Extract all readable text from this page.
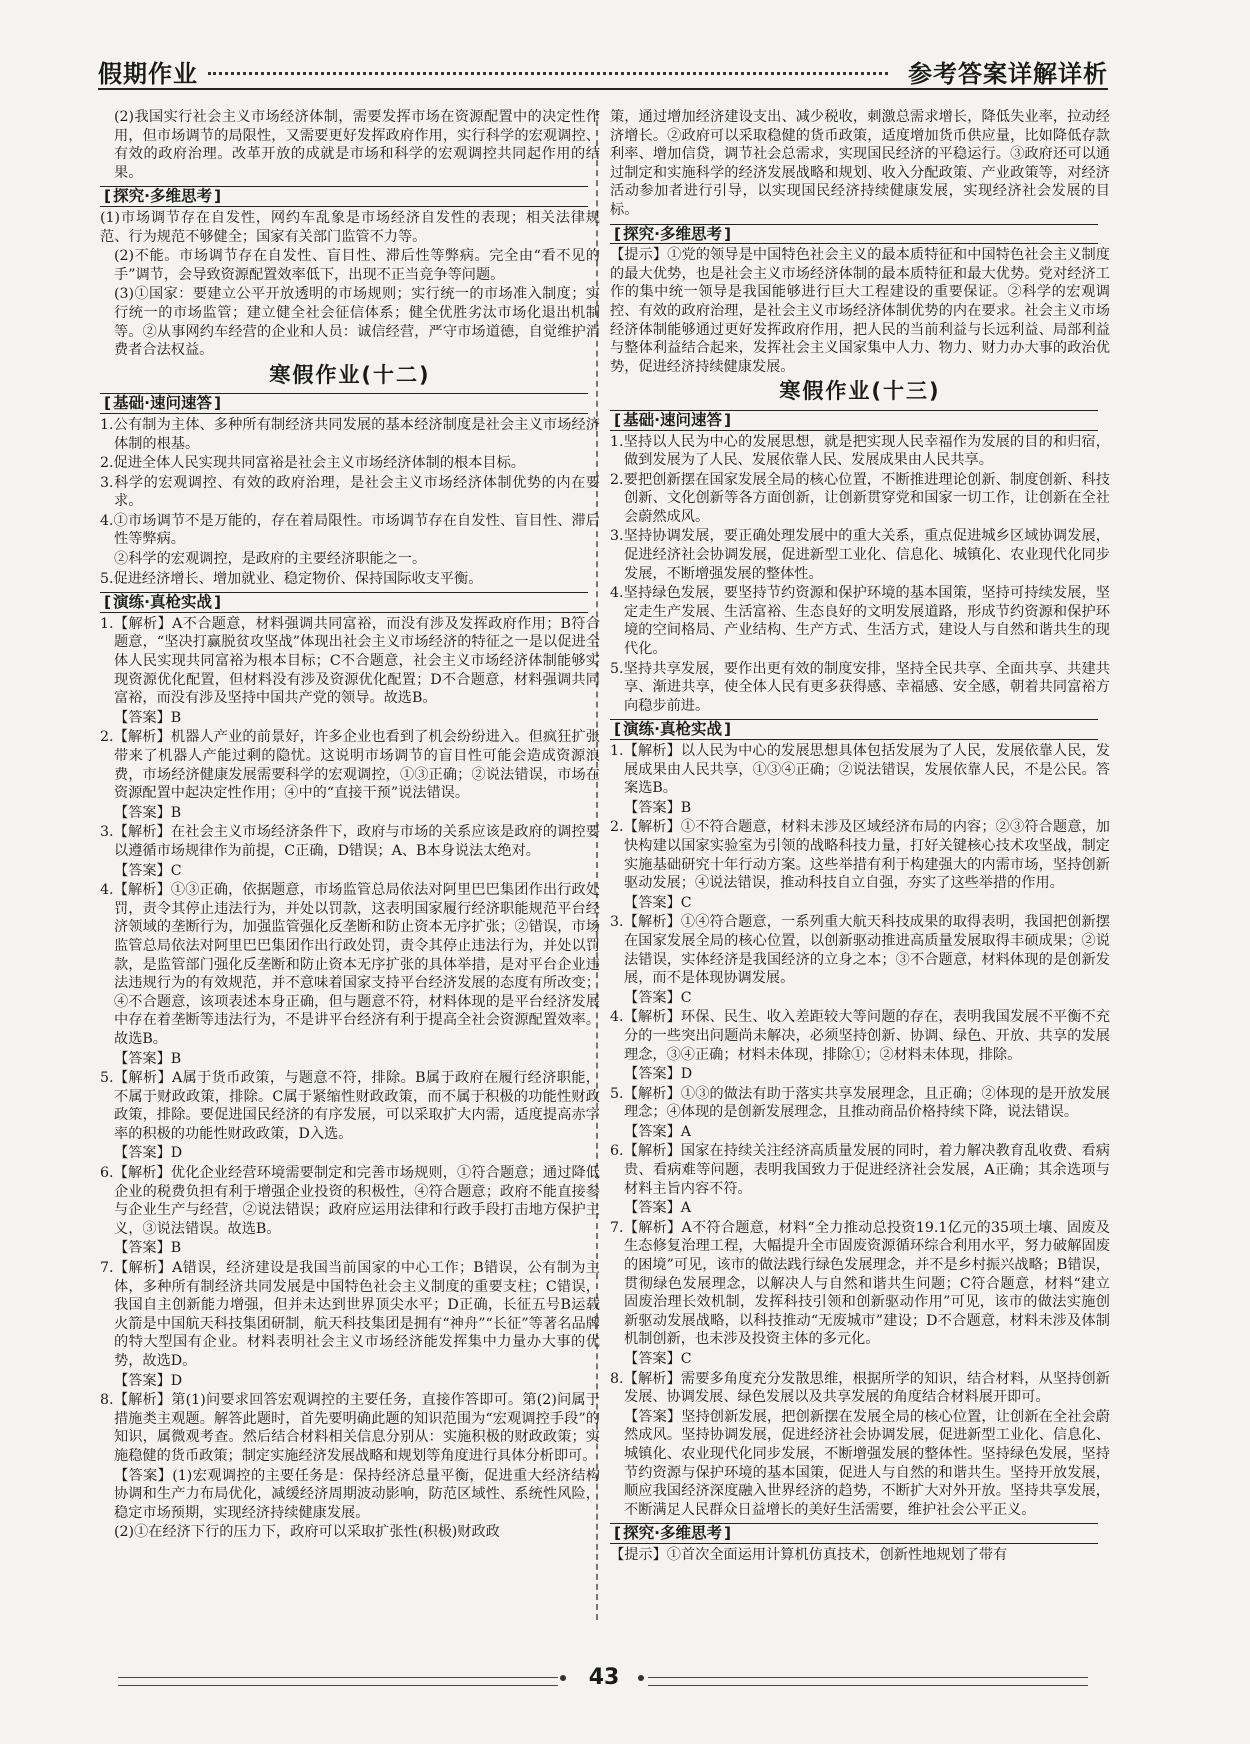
假期作业	参考答案详解详析

(2)我国实行社会主义市场经济体制，需要发挥市场在资源配置中的决定性作用，但市场调节的局限性，又需要更好发挥政府作用，实行科学的宏观调控、有效的政府治理。改革开放的成就是市场和科学的宏观调控共同起作用的结果。

[ 探究·多维思考 ]

(1)市场调节存在自发性，网约车乱象是市场经济自发性的表现；相关法律规范、行为规范不够健全；国家有关部门监管不力等。

(2)不能。市场调节存在自发性、盲目性、滞后性等弊病。完全由“看不见的手”调节，会导致资源配置效率低下，出现不正当竞争等问题。

(3)①国家：要建立公平开放透明的市场规则；实行统一的市场准入制度；实行统一的市场监管；建立健全社会征信体系；健全优胜劣汰市场化退出机制等。②从事网约车经营的企业和人员：诚信经营，严守市场道德，自觉维护消费者合法权益。

寒假作业(十二)
[ 基础·速问速答 ]

1.公有制为主体、多种所有制经济共同发展的基本经济制度是社会主义市场经济体制的根基。

2.促进全体人民实现共同富裕是社会主义市场经济体制的根本目标。

3.科学的宏观调控、有效的政府治理，是社会主义市场经济体制优势的内在要求。

4.①市场调节不是万能的，存在着局限性。市场调节存在自发性、盲目性、滞后性等弊病。

②科学的宏观调控，是政府的主要经济职能之一。

5.促进经济增长、增加就业、稳定物价、保持国际收支平衡。

[ 演练·真枪实战 ]

1.【解析】A不合题意，材料强调共同富裕，而没有涉及发挥政府作用；B符合题意，“坚决打赢脱贫攻坚战”体现出社会主义市场经济的特征之一是以促进全体人民实现共同富裕为根本目标；C不合题意，社会主义市场经济体制能够实现资源优化配置，但材料没有涉及资源优化配置；D不合题意，材料强调共同富裕，而没有涉及坚持中国共产党的领导。故选B。

【答案】B

2.【解析】机器人产业的前景好，许多企业也看到了机会纷纷进入。但疯狂扩张带来了机器人产能过剩的隐忧。这说明市场调节的盲目性可能会造成资源浪费，市场经济健康发展需要科学的宏观调控，①③正确；②说法错误，市场在资源配置中起决定性作用；④中的“直接干预”说法错误。

【答案】B

3.【解析】在社会主义市场经济条件下，政府与市场的关系应该是政府的调控要以遵循市场规律作为前提，C正确，D错误；A、B本身说法太绝对。

【答案】C

4.【解析】①③正确，依据题意，市场监管总局依法对阿里巴巴集团作出行政处罚，责令其停止违法行为，并处以罚款，这表明国家履行经济职能规范平台经济领域的垄断行为，加强监管强化反垄断和防止资本无序扩张；②错误，市场监管总局依法对阿里巴巴集团作出行政处罚，责令其停止违法行为，并处以罚款，是监管部门强化反垄断和防止资本无序扩张的具体举措，是对平台企业违法违规行为的有效规范，并不意味着国家支持平台经济发展的态度有所改变；④不合题意，该项表述本身正确，但与题意不符，材料体现的是平台经济发展中存在着垄断等违法行为，不是讲平台经济有利于提高全社会资源配置效率。故选B。

【答案】B

5.【解析】A属于货币政策，与题意不符，排除。B属于政府在履行经济职能，不属于财政政策，排除。C属于紧缩性财政政策，而不属于积极的功能性财政政策，排除。要促进国民经济的有序发展，可以采取扩大内需，适度提高赤字率的积极的功能性财政政策，D入选。

【答案】D

6.【解析】优化企业经营环境需要制定和完善市场规则，①符合题意；通过降低企业的税费负担有利于增强企业投资的积极性，④符合题意；政府不能直接参与企业生产与经营，②说法错误；政府应运用法律和行政手段打击地方保护主义，③说法错误。故选B。

【答案】B

7.【解析】A错误，经济建设是我国当前国家的中心工作；B错误，公有制为主体，多种所有制经济共同发展是中国特色社会主义制度的重要支柱；C错误，我国自主创新能力增强，但并未达到世界顶尖水平；D正确，长征五号B运载火箭是中国航天科技集团研制，航天科技集团是拥有“神舟”“长征”等著名品牌的特大型国有企业。材料表明社会主义市场经济能发挥集中力量办大事的优势，故选D。

【答案】D

8.【解析】第(1)问要求回答宏观调控的主要任务，直接作答即可。第(2)问属于措施类主观题。解答此题时，首先要明确此题的知识范围为“宏观调控手段”的知识，属微观考查。然后结合材料相关信息分别从：实施积极的财政政策；实施稳健的货币政策；制定实施经济发展战略和规划等角度进行具体分析即可。

【答案】(1)宏观调控的主要任务是：保持经济总量平衡，促进重大经济结构协调和生产力布局优化，减缓经济周期波动影响，防范区域性、系统性风险，稳定市场预期，实现经济持续健康发展。

(2)①在经济下行的压力下，政府可以采取扩张性(积极)财政政

策，通过增加经济建设支出、减少税收，刺激总需求增长，降低失业率，拉动经济增长。②政府可以采取稳健的货币政策，适度增加货币供应量，比如降低存款利率、增加信贷，调节社会总需求，实现国民经济的平稳运行。③政府还可以通过制定和实施科学的经济发展战略和规划、收入分配政策、产业政策等，对经济活动参加者进行引导，以实现国民经济持续健康发展，实现经济社会发展的目标。

[ 探究·多维思考 ]

【提示】①党的领导是中国特色社会主义的最本质特征和中国特色社会主义制度的最大优势，也是社会主义市场经济体制的最本质特征和最大优势。党对经济工作的集中统一领导是我国能够进行巨大工程建设的重要保证。②科学的宏观调控、有效的政府治理，是社会主义市场经济体制优势的内在要求。社会主义市场经济体制能够通过更好发挥政府作用，把人民的当前利益与长远利益、局部利益与整体利益结合起来，发挥社会主义国家集中人力、物力、财力办大事的政治优势，促进经济持续健康发展。

寒假作业(十三)
[ 基础·速问速答 ]

1.坚持以人民为中心的发展思想，就是把实现人民幸福作为发展的目的和归宿，做到发展为了人民、发展依靠人民、发展成果由人民共享。

2.要把创新摆在国家发展全局的核心位置，不断推进理论创新、制度创新、科技创新、文化创新等各方面创新，让创新贯穿党和国家一切工作，让创新在全社会蔚然成风。

3.坚持协调发展，要正确处理发展中的重大关系，重点促进城乡区域协调发展，促进经济社会协调发展，促进新型工业化、信息化、城镇化、农业现代化同步发展，不断增强发展的整体性。

4.坚持绿色发展，要坚持节约资源和保护环境的基本国策，坚持可持续发展，坚定走生产发展、生活富裕、生态良好的文明发展道路，形成节约资源和保护环境的空间格局、产业结构、生产方式、生活方式，建设人与自然和谐共生的现代化。

5.坚持共享发展，要作出更有效的制度安排，坚持全民共享、全面共享、共建共享、渐进共享，使全体人民有更多获得感、幸福感、安全感，朝着共同富裕方向稳步前进。

[ 演练·真枪实战 ]

1.【解析】以人民为中心的发展思想具体包括发展为了人民，发展依靠人民，发展成果由人民共享，①③④正确；②说法错误，发展依靠人民，不是公民。答案选B。

【答案】B

2.【解析】①不符合题意，材料未涉及区域经济布局的内容；②③符合题意，加快构建以国家实验室为引领的战略科技力量，打好关键核心技术攻坚战，制定实施基础研究十年行动方案。这些举措有利于构建强大的内需市场，坚持创新驱动发展；④说法错误，推动科技自立自强，夯实了这些举措的作用。

【答案】C

3.【解析】①④符合题意，一系列重大航天科技成果的取得表明，我国把创新摆在国家发展全局的核心位置，以创新驱动推进高质量发展取得丰硕成果；②说法错误，实体经济是我国经济的立身之本；③不合题意，材料体现的是创新发展，而不是体现协调发展。

【答案】C

4.【解析】环保、民生、收入差距较大等问题的存在，表明我国发展不平衡不充分的一些突出问题尚未解决，必须坚持创新、协调、绿色、开放、共享的发展理念，③④正确；材料未体现，排除①；②材料未体现，排除。

【答案】D

5.【解析】①③的做法有助于落实共享发展理念，且正确；②体现的是开放发展理念；④体现的是创新发展理念，且推动商品价格持续下降，说法错误。

【答案】A

6.【解析】国家在持续关注经济高质量发展的同时，着力解决教育乱收费、看病贵、看病难等问题，表明我国致力于促进经济社会发展，A正确；其余选项与材料主旨内容不符。

【答案】A

7.【解析】A不符合题意，材料“全力推动总投资19.1亿元的35项土壤、固废及生态修复治理工程，大幅提升全市固废资源循环综合利用水平，努力破解固废的困境”可见，该市的做法践行绿色发展理念，并不是乡村振兴战略；B错误，贯彻绿色发展理念，以解决人与自然和谐共生问题；C符合题意，材料“建立固废治理长效机制，发挥科技引领和创新驱动作用”可见，该市的做法实施创新驱动发展战略，以科技推动“无废城市”建设；D不合题意，材料未涉及体制机制创新，也未涉及投资主体的多元化。

【答案】C

8.【解析】需要多角度充分发散思维，根据所学的知识，结合材料，从坚持创新发展、协调发展、绿色发展以及共享发展的角度结合材料展开即可。

【答案】坚持创新发展，把创新摆在发展全局的核心位置，让创新在全社会蔚然成风。坚持协调发展，促进经济社会协调发展，促进新型工业化、信息化、城镇化、农业现代化同步发展，不断增强发展的整体性。坚持绿色发展，坚持节约资源与保护环境的基本国策，促进人与自然的和谐共生。坚持开放发展，顺应我国经济深度融入世界经济的趋势，不断扩大对外开放。坚持共享发展，不断满足人民群众日益增长的美好生活需要，维护社会公平正义。

[ 探究·多维思考 ]

【提示】①首次全面运用计算机仿真技术，创新性地规划了带有

43
